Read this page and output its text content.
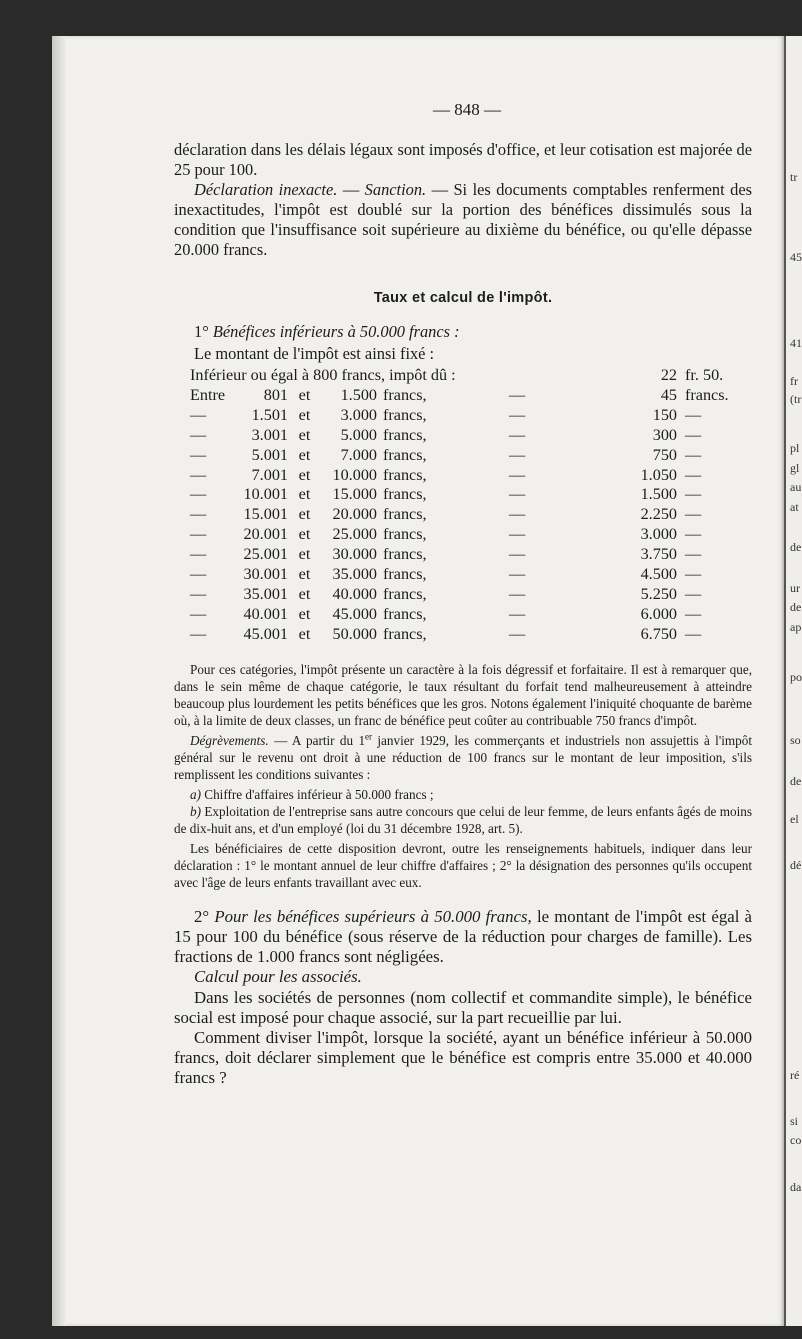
tr
45
41
fr
(tr
pl
gl
au
at
de
ur
de
ap
po
so
de
el
dé
ré
si
co
da
— 848 —

déclaration dans les délais légaux sont imposés d'office, et leur cotisation est majorée de 25 pour 100.

Déclaration inexacte. — Sanction. — Si les documents comptables renferment des inexactitudes, l'impôt est doublé sur la portion des bénéfices dissimulés sous la condition que l'insuffisance soit supérieure au dixième du bénéfice, ou qu'elle dépasse 20.000 francs.

Taux et calcul de l'impôt.

1° Bénéfices inférieurs à 50.000 francs :

Le montant de l'impôt est ainsi fixé :

Inférieur ou égal à 800 francs, impôt dû :						22	fr. 50.
Entre	801	et	1.500	francs,	—	45	francs.
—	1.501	et	3.000	francs,	—	150	—
—	3.001	et	5.000	francs,	—	300	—
—	5.001	et	7.000	francs,	—	750	—
—	7.001	et	10.000	francs,	—	1.050	—
—	10.001	et	15.000	francs,	—	1.500	—
—	15.001	et	20.000	francs,	—	2.250	—
—	20.001	et	25.000	francs,	—	3.000	—
—	25.001	et	30.000	francs,	—	3.750	—
—	30.001	et	35.000	francs,	—	4.500	—
—	35.001	et	40.000	francs,	—	5.250	—
—	40.001	et	45.000	francs,	—	6.000	—
—	45.001	et	50.000	francs,	—	6.750	—

Pour ces catégories, l'impôt présente un caractère à la fois dégressif et forfaitaire. Il est à remarquer que, dans le sein même de chaque catégorie, le taux résultant du forfait tend malheureusement à atteindre beaucoup plus lourdement les petits bénéfices que les gros. Notons également l'iniquité choquante de barème où, à la limite de deux classes, un franc de bénéfice peut coûter au contribuable 750 francs d'impôt.

Dégrèvements. — A partir du 1er janvier 1929, les commerçants et industriels non assujettis à l'impôt général sur le revenu ont droit à une réduction de 100 francs sur le montant de leur imposition, s'ils remplissent les conditions suivantes :

a) Chiffre d'affaires inférieur à 50.000 francs ;

b) Exploitation de l'entreprise sans autre concours que celui de leur femme, de leurs enfants âgés de moins de dix-huit ans, et d'un employé (loi du 31 décembre 1928, art. 5).

Les bénéficiaires de cette disposition devront, outre les renseignements habituels, indiquer dans leur déclaration : 1° le montant annuel de leur chiffre d'affaires ; 2° la désignation des personnes qu'ils occupent avec l'âge de leurs enfants travaillant avec eux.

2° Pour les bénéfices supérieurs à 50.000 francs, le montant de l'impôt est égal à 15 pour 100 du bénéfice (sous réserve de la réduction pour charges de famille). Les fractions de 1.000 francs sont négligées.

Calcul pour les associés.

Dans les sociétés de personnes (nom collectif et commandite simple), le bénéfice social est imposé pour chaque associé, sur la part recueillie par lui.

Comment diviser l'impôt, lorsque la société, ayant un bénéfice inférieur à 50.000 francs, doit déclarer simplement que le bénéfice est compris entre 35.000 et 40.000 francs ?
